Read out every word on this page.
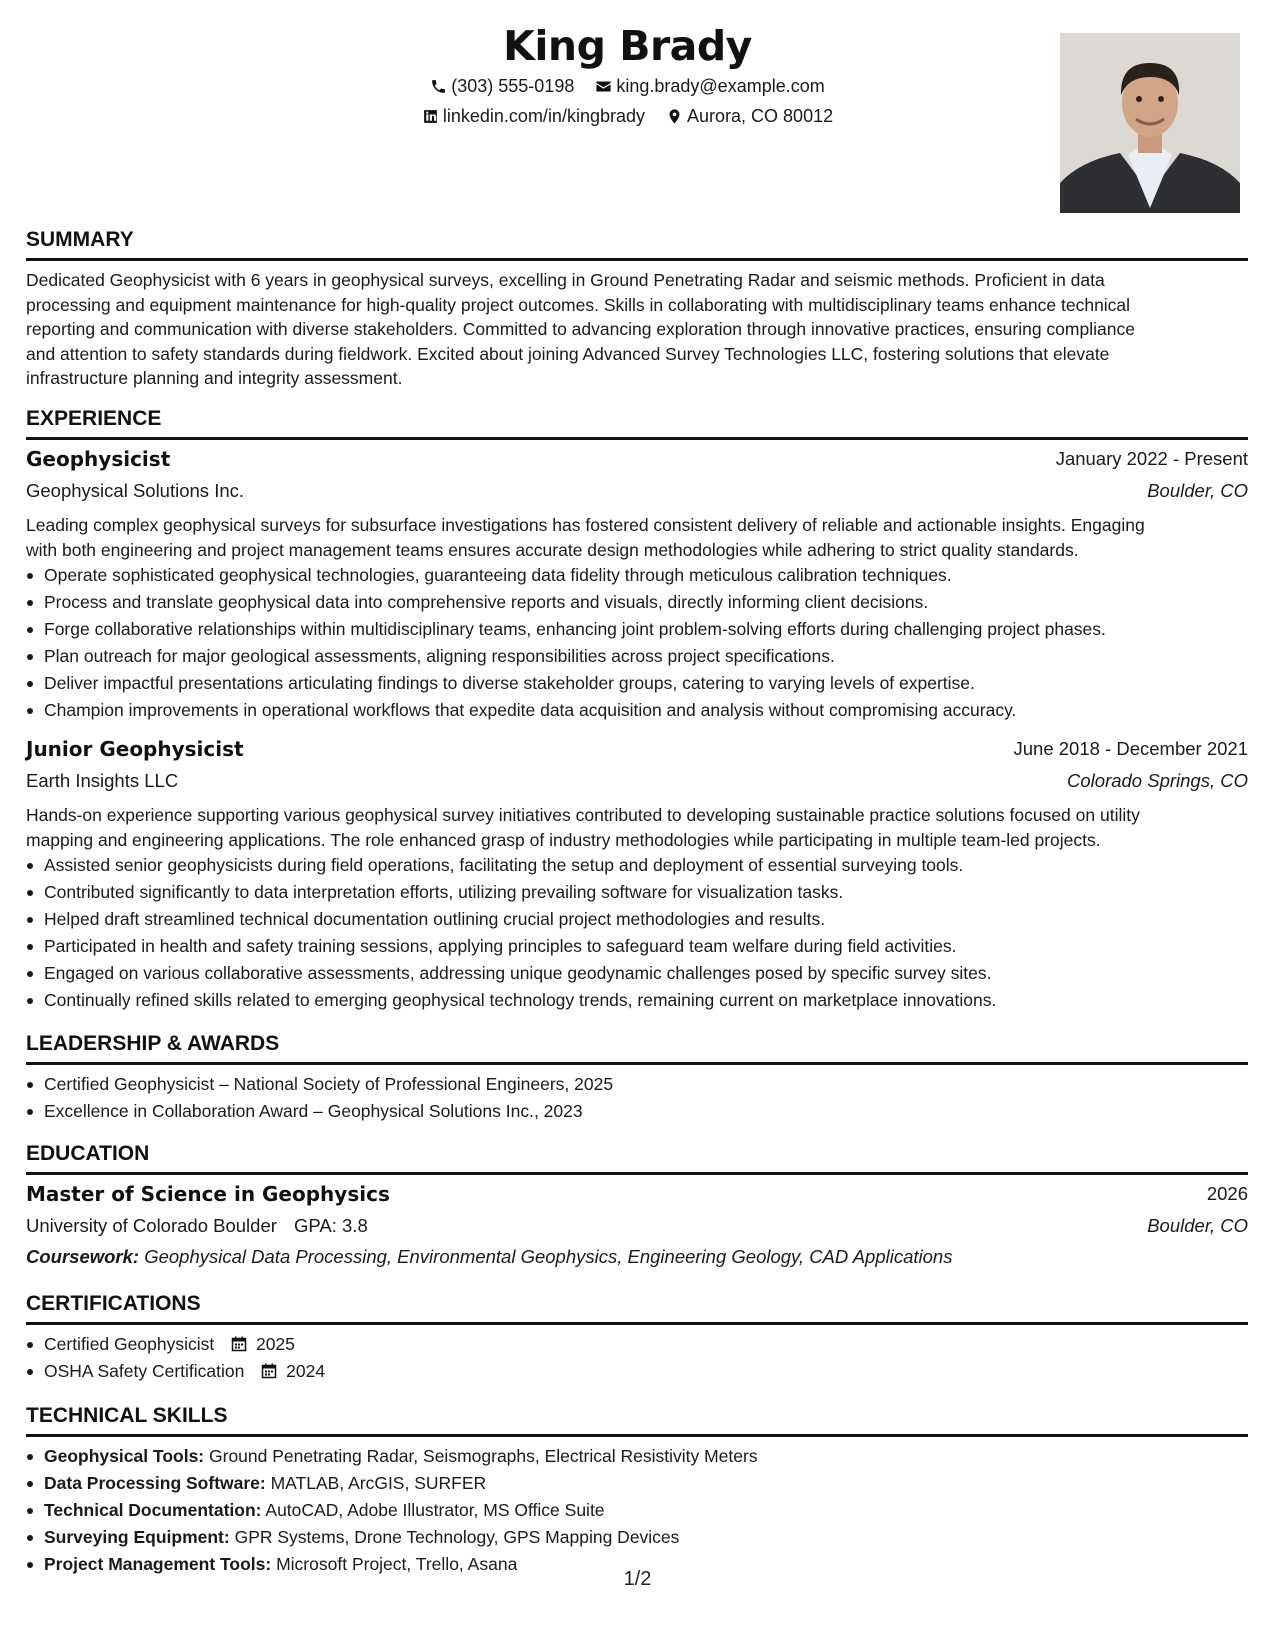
King Brady
(303) 555-0198
king.brady@example.com
linkedin.com/in/kingbrady
Aurora, CO 80012
SUMMARY
Dedicated Geophysicist with 6 years in geophysical surveys, excelling in Ground Penetrating Radar and seismic methods. Proficient in data
processing and equipment maintenance for high-quality project outcomes. Skills in collaborating with multidisciplinary teams enhance technical
reporting and communication with diverse stakeholders. Committed to advancing exploration through innovative practices, ensuring compliance
and attention to safety standards during fieldwork. Excited about joining Advanced Survey Technologies LLC, fostering solutions that elevate
infrastructure planning and integrity assessment.
EXPERIENCE
Geophysicist	January 2022 - Present
Geophysical Solutions Inc.	Boulder, CO
Leading complex geophysical surveys for subsurface investigations has fostered consistent delivery of reliable and actionable insights. Engaging
with both engineering and project management teams ensures accurate design methodologies while adhering to strict quality standards.
Operate sophisticated geophysical technologies, guaranteeing data fidelity through meticulous calibration techniques.
Process and translate geophysical data into comprehensive reports and visuals, directly informing client decisions.
Forge collaborative relationships within multidisciplinary teams, enhancing joint problem-solving efforts during challenging project phases.
Plan outreach for major geological assessments, aligning responsibilities across project specifications.
Deliver impactful presentations articulating findings to diverse stakeholder groups, catering to varying levels of expertise.
Champion improvements in operational workflows that expedite data acquisition and analysis without compromising accuracy.
Junior Geophysicist	June 2018 - December 2021
Earth Insights LLC	Colorado Springs, CO
Hands-on experience supporting various geophysical survey initiatives contributed to developing sustainable practice solutions focused on utility
mapping and engineering applications. The role enhanced grasp of industry methodologies while participating in multiple team-led projects.
Assisted senior geophysicists during field operations, facilitating the setup and deployment of essential surveying tools.
Contributed significantly to data interpretation efforts, utilizing prevailing software for visualization tasks.
Helped draft streamlined technical documentation outlining crucial project methodologies and results.
Participated in health and safety training sessions, applying principles to safeguard team welfare during field activities.
Engaged on various collaborative assessments, addressing unique geodynamic challenges posed by specific survey sites.
Continually refined skills related to emerging geophysical technology trends, remaining current on marketplace innovations.
LEADERSHIP & AWARDS
Certified Geophysicist – National Society of Professional Engineers, 2025
Excellence in Collaboration Award – Geophysical Solutions Inc., 2023
EDUCATION
Master of Science in Geophysics	2026
University of Colorado Boulder GPA: 3.8	Boulder, CO
Coursework: Geophysical Data Processing, Environmental Geophysics, Engineering Geology, CAD Applications
CERTIFICATIONS
Certified Geophysicist 2025
OSHA Safety Certification 2024
TECHNICAL SKILLS
Geophysical Tools: Ground Penetrating Radar, Seismographs, Electrical Resistivity Meters
Data Processing Software: MATLAB, ArcGIS, SURFER
Technical Documentation: AutoCAD, Adobe Illustrator, MS Office Suite
Surveying Equipment: GPR Systems, Drone Technology, GPS Mapping Devices
Project Management Tools: Microsoft Project, Trello, Asana
1/2
